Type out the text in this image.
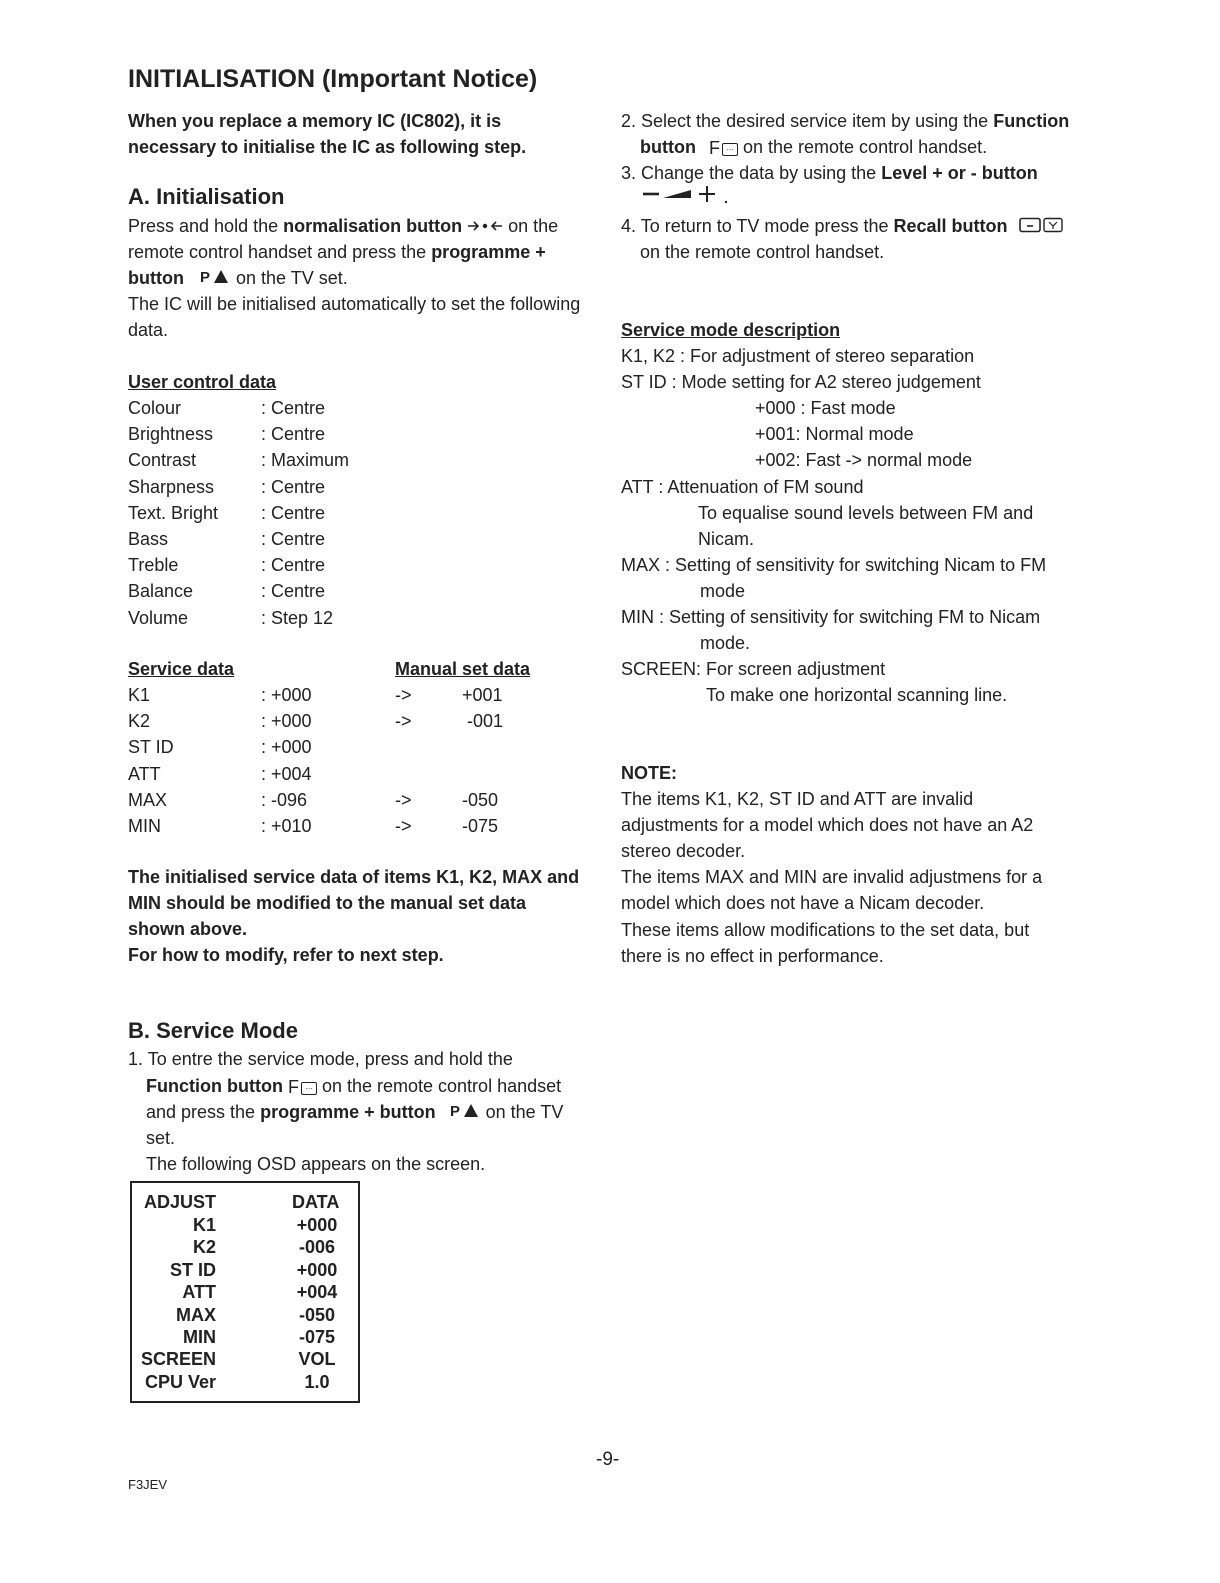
INITIALISATION (Important Notice)
When you replace a memory IC (IC802), it is
necessary to initialise the IC as following step.
A. Initialisation
Press and hold the normalisation button  on the
remote control handset and press the programme +
button P on the TV set.
The IC will be initialised automatically to set the following
data.
User control data
Colour	: Centre
Brightness	: Centre
Contrast	: Maximum
Sharpness	: Centre
Text. Bright : Centre
Bass	: Centre
Treble	: Centre
Balance	: Centre
Volume	: Step 12
Service data	Manual set data
K1	: +000	->	+001
K2	: +000	->	-001
ST ID	: +000
ATT	: +004
MAX	: -096	->	-050
MIN	: +010	->	-075
The initialised service data of items K1, K2, MAX and
MIN should be modified to the manual set data
shown above.
For how to modify, refer to next step.
B. Service Mode
1. To entre the service mode, press and hold the
Function button F ... on the remote control handset
and press the programme + button P on the TV
set.
The following OSD appears on the screen.
ADJUST	DATA
K1	+000
K2	-006
ST ID	+000
ATT	+004
MAX	-050
MIN	-075
SCREEN	VOL
CPU Ver	1.0
2. Select the desired service item by using the Function
button F ... on the remote control handset.
3. Change the data by using the Level + or - button
4. To return to TV mode press the Recall button
on the remote control handset.
Service mode description
K1, K2 : For adjustment of stereo separation
ST ID : Mode setting for A2 stereo judgement
+000 : Fast mode
+001: Normal mode
+002: Fast -> normal mode
ATT : Attenuation of FM sound
To equalise sound levels between FM and
Nicam.
MAX : Setting of sensitivity for switching Nicam to FM
mode
MIN : Setting of sensitivity for switching FM to Nicam
mode.
SCREEN: For screen adjustment
To make one horizontal scanning line.
NOTE:
The items K1, K2, ST ID and ATT are invalid
adjustments for a model which does not have an A2
stereo decoder.
The items MAX and MIN are invalid adjustmens for a
model which does not have a Nicam decoder.
These items allow modifications to the set data, but
there is no effect in performance.
-9-
F3JEV
